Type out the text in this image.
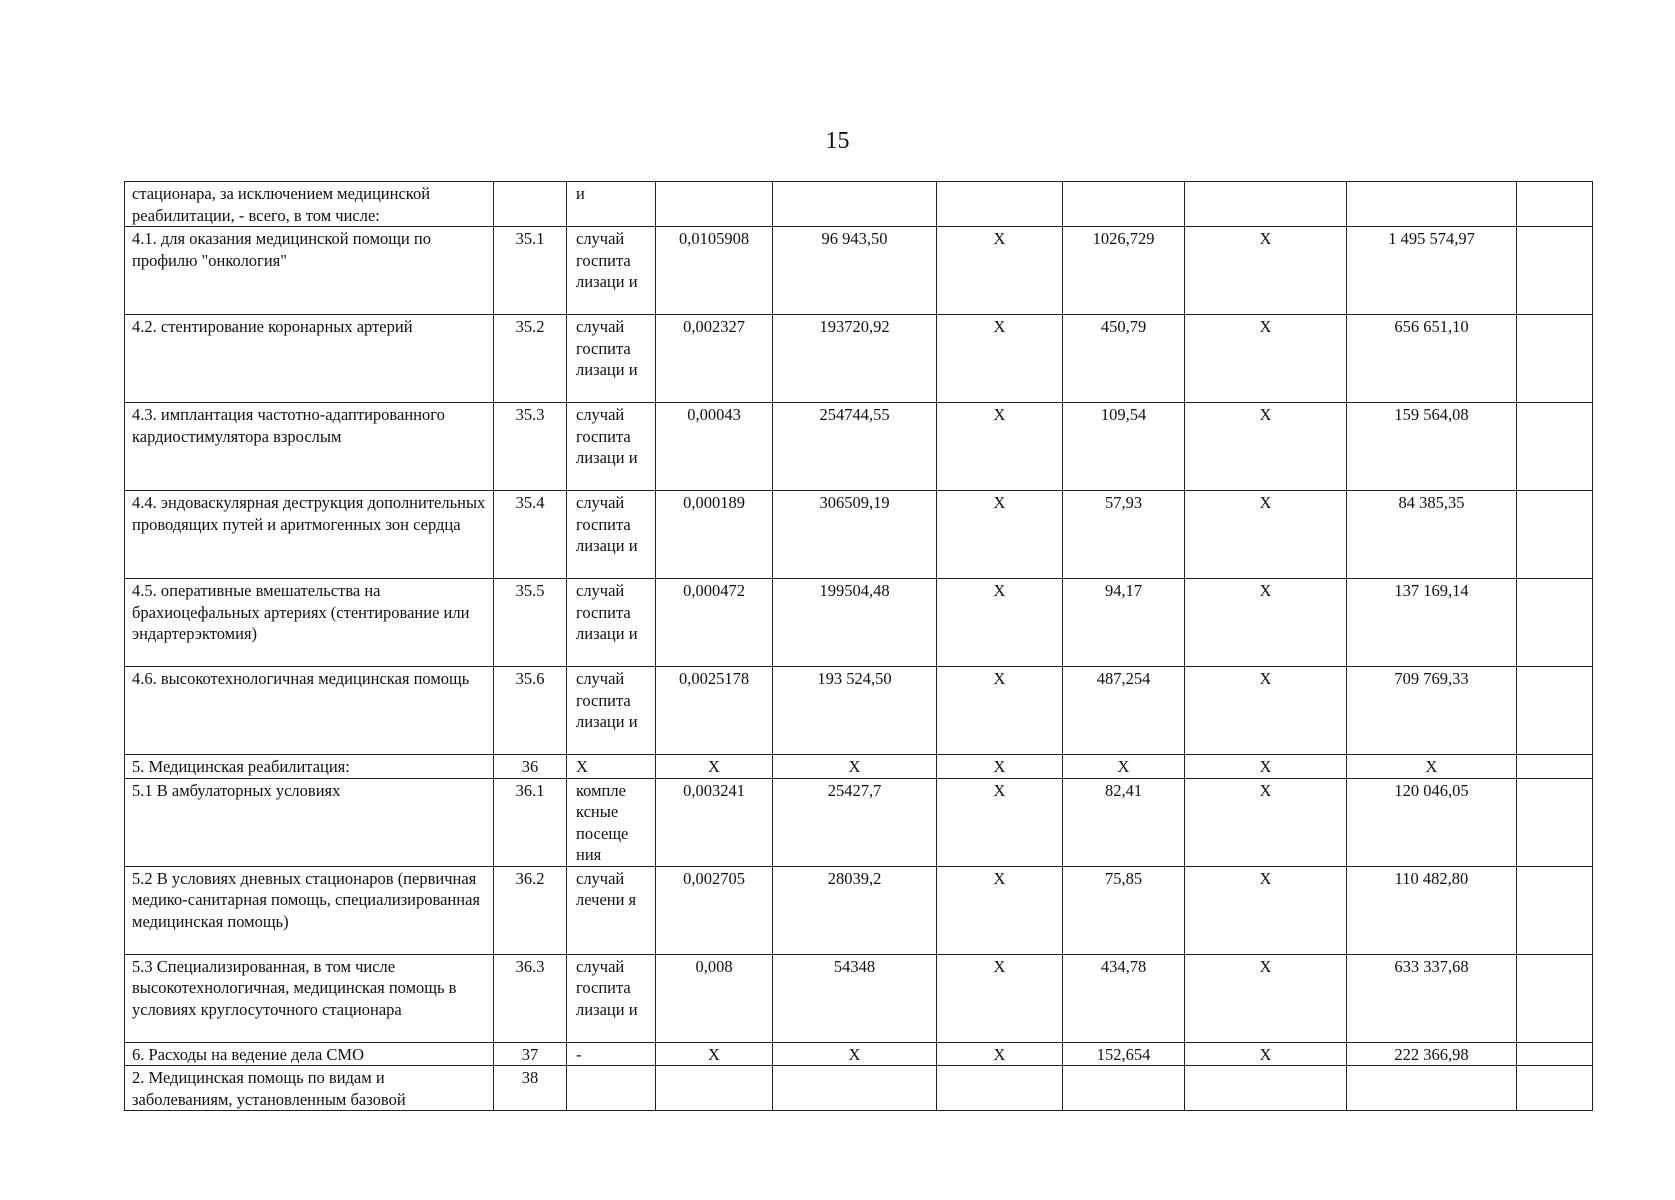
15
стационара, за исключением медицинской реабилитации, - всего, в том числе:		и							
4.1. для оказания медицинской помощи по профилю "онкология"	35.1	случай госпита лизаци и	0,0105908	96 943,50	Х	1026,729	Х	1 495 574,97	
4.2. стентирование коронарных артерий	35.2	случай госпита лизаци и	0,002327	193720,92	Х	450,79	Х	656 651,10	
4.3. имплантация частотно-адаптированного кардиостимулятора взрослым	35.3	случай госпита лизаци и	0,00043	254744,55	Х	109,54	Х	159 564,08	
4.4. эндоваскулярная деструкция дополнительных проводящих путей и аритмогенных зон сердца	35.4	случай госпита лизаци и	0,000189	306509,19	Х	57,93	Х	84 385,35	
4.5. оперативные вмешательства на брахиоцефальных артериях (стентирование или эндартерэктомия)	35.5	случай госпита лизаци и	0,000472	199504,48	Х	94,17	Х	137 169,14	
4.6. высокотехнологичная медицинская помощь	35.6	случай госпита лизаци и	0,0025178	193 524,50	Х	487,254	Х	709 769,33	
5. Медицинская реабилитация:	36	Х	Х	Х	Х	Х	Х	Х	
5.1 В амбулаторных условиях	36.1	компле ксные посеще ния	0,003241	25427,7	Х	82,41	Х	120 046,05	
5.2 В условиях дневных стационаров (первичная медико-санитарная помощь, специализированная медицинская помощь)	36.2	случай лечени я	0,002705	28039,2	Х	75,85	Х	110 482,80	
5.3 Специализированная, в том числе высокотехнологичная, медицинская помощь в условиях круглосуточного стационара	36.3	случай госпита лизаци и	0,008	54348	Х	434,78	Х	633 337,68	
6. Расходы на ведение дела СМО	37	-	Х	Х	Х	152,654	Х	222 366,98	
2. Медицинская помощь по видам и заболеваниям, установленным базовой	38								
